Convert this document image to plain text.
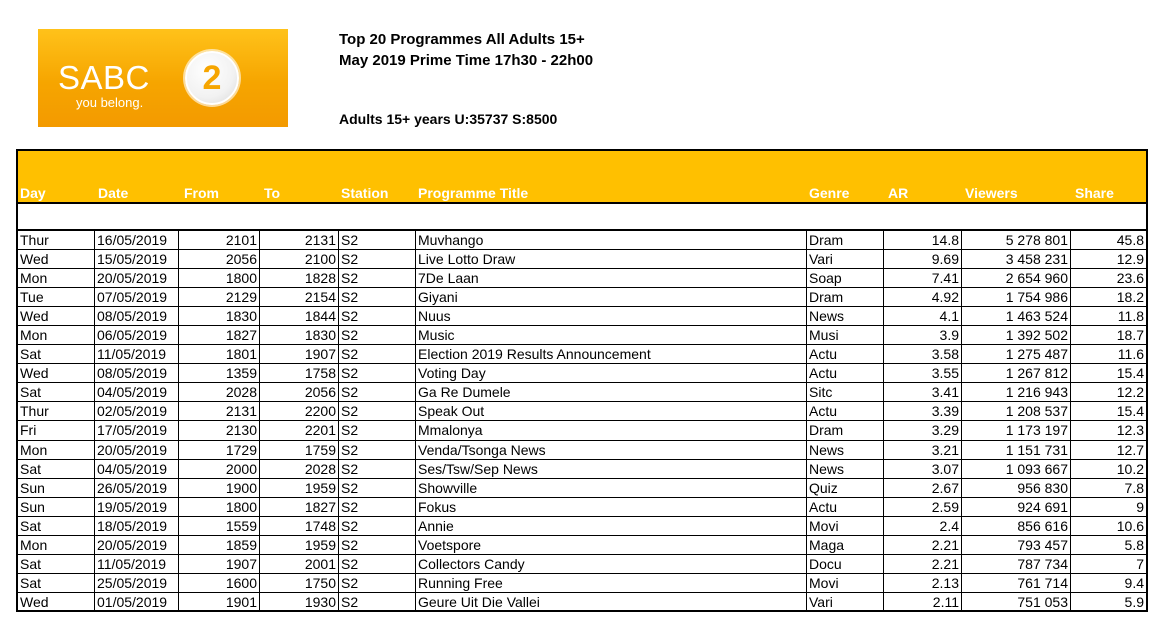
SABC 2
you belong.
Top 20 Programmes All Adults 15+
May 2019 Prime Time 17h30 - 22h00
Adults 15+ years U:35737 S:8500
Day	Date	From	To	Station Programme Title	Genre	AR	Viewers	Share
Thur	16/05/2019	2101	2131 S2	Muvhango	Dram	14.8	5 278 801	45.8
Wed	15/05/2019	2056	2100 S2	Live Lotto Draw	Vari	9.69	3 458 231	12.9
Mon	20/05/2019	1800	1828 S2	7De Laan	Soap	7.41	2 654 960	23.6
Tue	07/05/2019	2129	2154 S2	Giyani	Dram	4.92	1 754 986	18.2
Wed	08/05/2019	1830	1844 S2	Nuus	News	4.1	1 463 524	11.8
Mon	06/05/2019	1827	1830 S2	Music	Musi	3.9	1 392 502	18.7
Sat	11/05/2019	1801	1907 S2	Election 2019 Results Announcement	Actu	3.58	1 275 487	11.6
Wed	08/05/2019	1359	1758 S2	Voting Day	Actu	3.55	1 267 812	15.4
Sat	04/05/2019	2028	2056 S2	Ga Re Dumele	Sitc	3.41	1 216 943	12.2
Thur	02/05/2019	2131	2200 S2	Speak Out	Actu	3.39	1 208 537	15.4
Fri	17/05/2019	2130	2201 S2	Mmalonya	Dram	3.29	1 173 197	12.3
Mon	20/05/2019	1729	1759 S2	Venda/Tsonga News	News	3.21	1 151 731	12.7
Sat	04/05/2019	2000	2028 S2	Ses/Tsw/Sep News	News	3.07	1 093 667	10.2
Sun	26/05/2019	1900	1959 S2	Showville	Quiz	2.67	956 830	7.8
Sun	19/05/2019	1800	1827 S2	Fokus	Actu	2.59	924 691	9
Sat	18/05/2019	1559	1748 S2	Annie	Movi	2.4	856 616	10.6
Mon	20/05/2019	1859	1959 S2	Voetspore	Maga	2.21	793 457	5.8
Sat	11/05/2019	1907	2001 S2	Collectors Candy	Docu	2.21	787 734	7
Sat	25/05/2019	1600	1750 S2	Running Free	Movi	2.13	761 714	9.4
Wed	01/05/2019	1901	1930 S2	Geure Uit Die Vallei	Vari	2.11	751 053	5.9
